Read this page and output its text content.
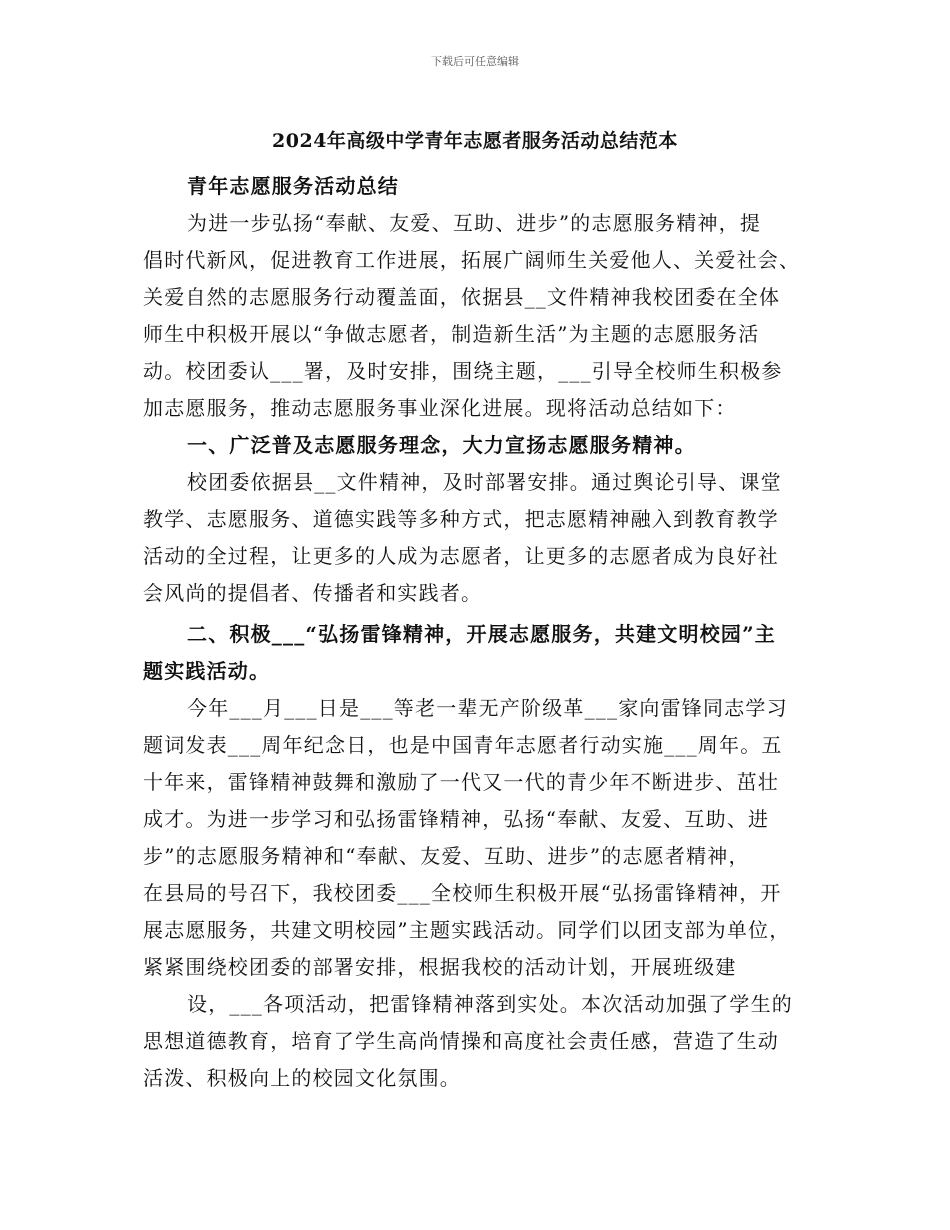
下载后可任意编辑
2024年高级中学青年志愿者服务活动总结范本
青年志愿服务活动总结
为进一步弘扬“奉献、友爱、互助、进步”的志愿服务精神，提
倡时代新风，促进教育工作进展，拓展广阔师生关爱他人、关爱社会、
关爱自然的志愿服务行动覆盖面，依据县__文件精神我校团委在全体
师生中积极开展以“争做志愿者，制造新生活”为主题的志愿服务活
动。校团委认___署，及时安排，围绕主题，___引导全校师生积极参
加志愿服务，推动志愿服务事业深化进展。现将活动总结如下：
一、广泛普及志愿服务理念，大力宣扬志愿服务精神。
校团委依据县__文件精神，及时部署安排。通过舆论引导、课堂
教学、志愿服务、道德实践等多种方式，把志愿精神融入到教育教学
活动的全过程，让更多的人成为志愿者，让更多的志愿者成为良好社
会风尚的提倡者、传播者和实践者。
二、积极___“弘扬雷锋精神，开展志愿服务，共建文明校园”主
题实践活动。
今年___月___日是___等老一辈无产阶级革___家向雷锋同志学习
题词发表___周年纪念日，也是中国青年志愿者行动实施___周年。五
十年来，雷锋精神鼓舞和激励了一代又一代的青少年不断进步、茁壮
成才。为进一步学习和弘扬雷锋精神，弘扬“奉献、友爱、互助、进
步”的志愿服务精神和“奉献、友爱、互助、进步”的志愿者精神，
在县局的号召下，我校团委___全校师生积极开展“弘扬雷锋精神，开
展志愿服务，共建文明校园”主题实践活动。同学们以团支部为单位，
紧紧围绕校团委的部署安排，根据我校的活动计划，开展班级建
设，___各项活动，把雷锋精神落到实处。本次活动加强了学生的
思想道德教育，培育了学生高尚情操和高度社会责任感，营造了生动
活泼、积极向上的校园文化氛围。
